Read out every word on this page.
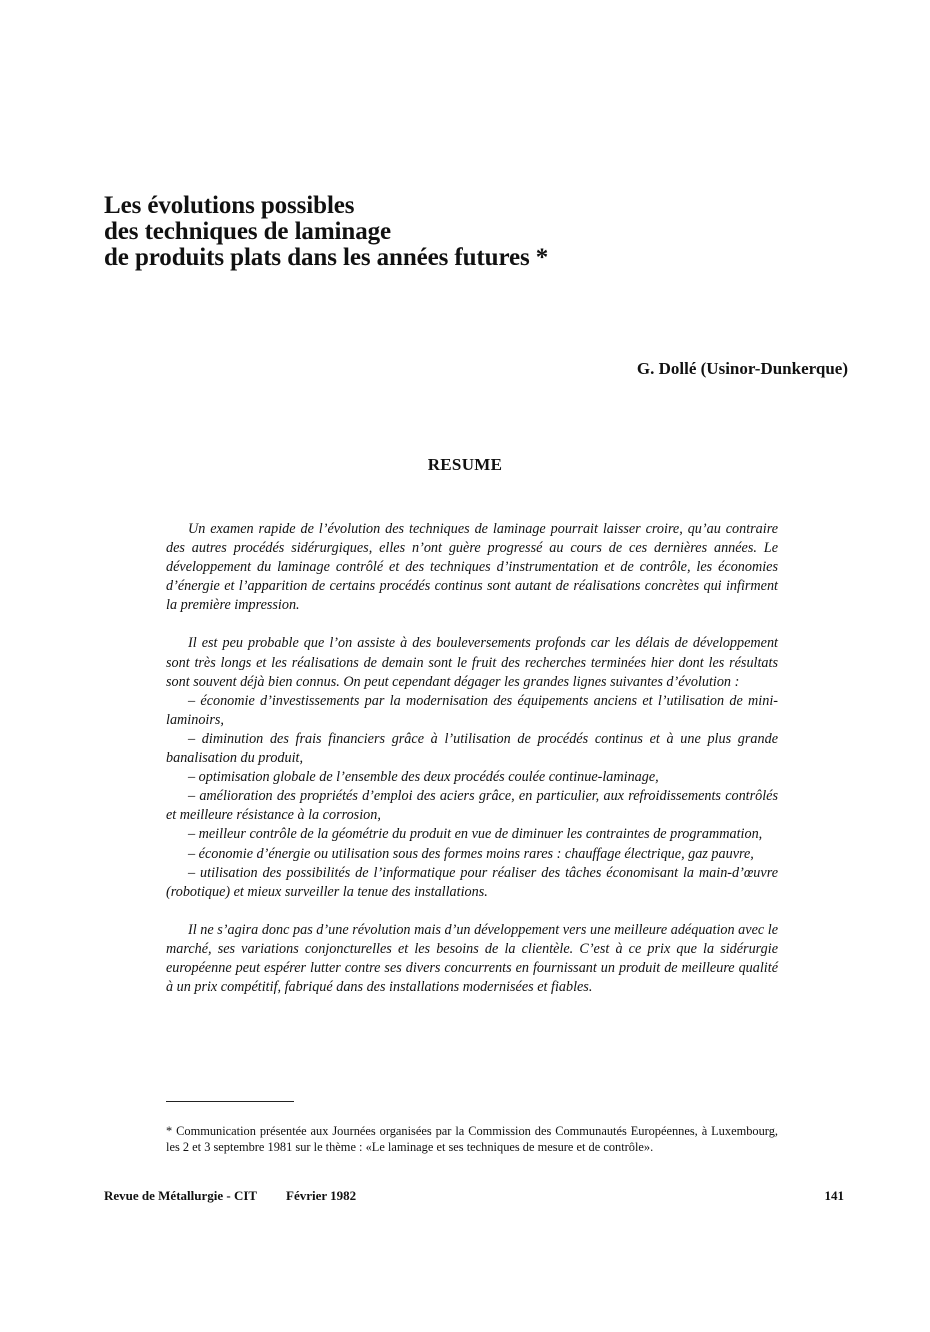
Les évolutions possibles
des techniques de laminage
de produits plats dans les années futures *
G. Dollé (Usinor-Dunkerque)
RESUME

Un examen rapide de l’évolution des techniques de laminage pourrait laisser croire, qu’au contraire des autres procédés sidérurgiques, elles n’ont guère progressé au cours de ces dernières années. Le développement du laminage contrôlé et des techniques d’instrumentation et de contrôle, les économies d’énergie et l’apparition de certains procédés continus sont autant de réalisations concrètes qui infirment la première impression.

Il est peu probable que l’on assiste à des bouleversements profonds car les délais de développement sont très longs et les réalisations de demain sont le fruit des recherches terminées hier dont les résultats sont souvent déjà bien connus. On peut cependant dégager les grandes lignes suivantes d’évolution :
– économie d’investissements par la modernisation des équipements anciens et l’utilisation de mini-laminoirs,
– diminution des frais financiers grâce à l’utilisation de procédés continus et à une plus grande banalisation du produit,
– optimisation globale de l’ensemble des deux procédés coulée continue-laminage,
– amélioration des propriétés d’emploi des aciers grâce, en particulier, aux refroidissements contrôlés et meilleure résistance à la corrosion,
– meilleur contrôle de la géométrie du produit en vue de diminuer les contraintes de programmation,
– économie d’énergie ou utilisation sous des formes moins rares : chauffage électrique, gaz pauvre,
– utilisation des possibilités de l’informatique pour réaliser des tâches économisant la main-d’œuvre (robotique) et mieux surveiller la tenue des installations.

Il ne s’agira donc pas d’une révolution mais d’un développement vers une meilleure adéquation avec le marché, ses variations conjoncturelles et les besoins de la clientèle. C’est à ce prix que la sidérurgie européenne peut espérer lutter contre ses divers concurrents en fournissant un produit de meilleure qualité à un prix compétitif, fabriqué dans des installations modernisées et fiables.

* Communication présentée aux Journées organisées par la Commission des Communautés Européennes, à Luxembourg, les 2 et 3 septembre 1981 sur le thème : «Le laminage et ses techniques de mesure et de contrôle».
Revue de Métallurgie - CIT Février 1982	141
